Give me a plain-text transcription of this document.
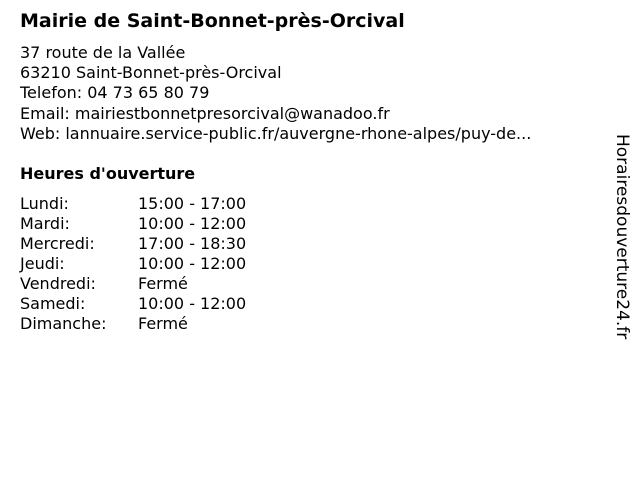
Mairie de Saint-Bonnet-près-Orcival
37 route de la Vallée
63210 Saint-Bonnet-près-Orcival
Telefon: 04 73 65 80 79
Email: mairiestbonnetpresorcival@wanadoo.fr
Web: lannuaire.service-public.fr/auvergne-rhone-alpes/puy-de...
Heures d'ouverture
Lundi:	15:00 - 17:00
Mardi:	10:00 - 12:00
Mercredi:	17:00 - 18:30
Jeudi:	10:00 - 12:00
Vendredi:	Fermé
Samedi:	10:00 - 12:00
Dimanche: Fermé	Horairesdouverture24.fr
